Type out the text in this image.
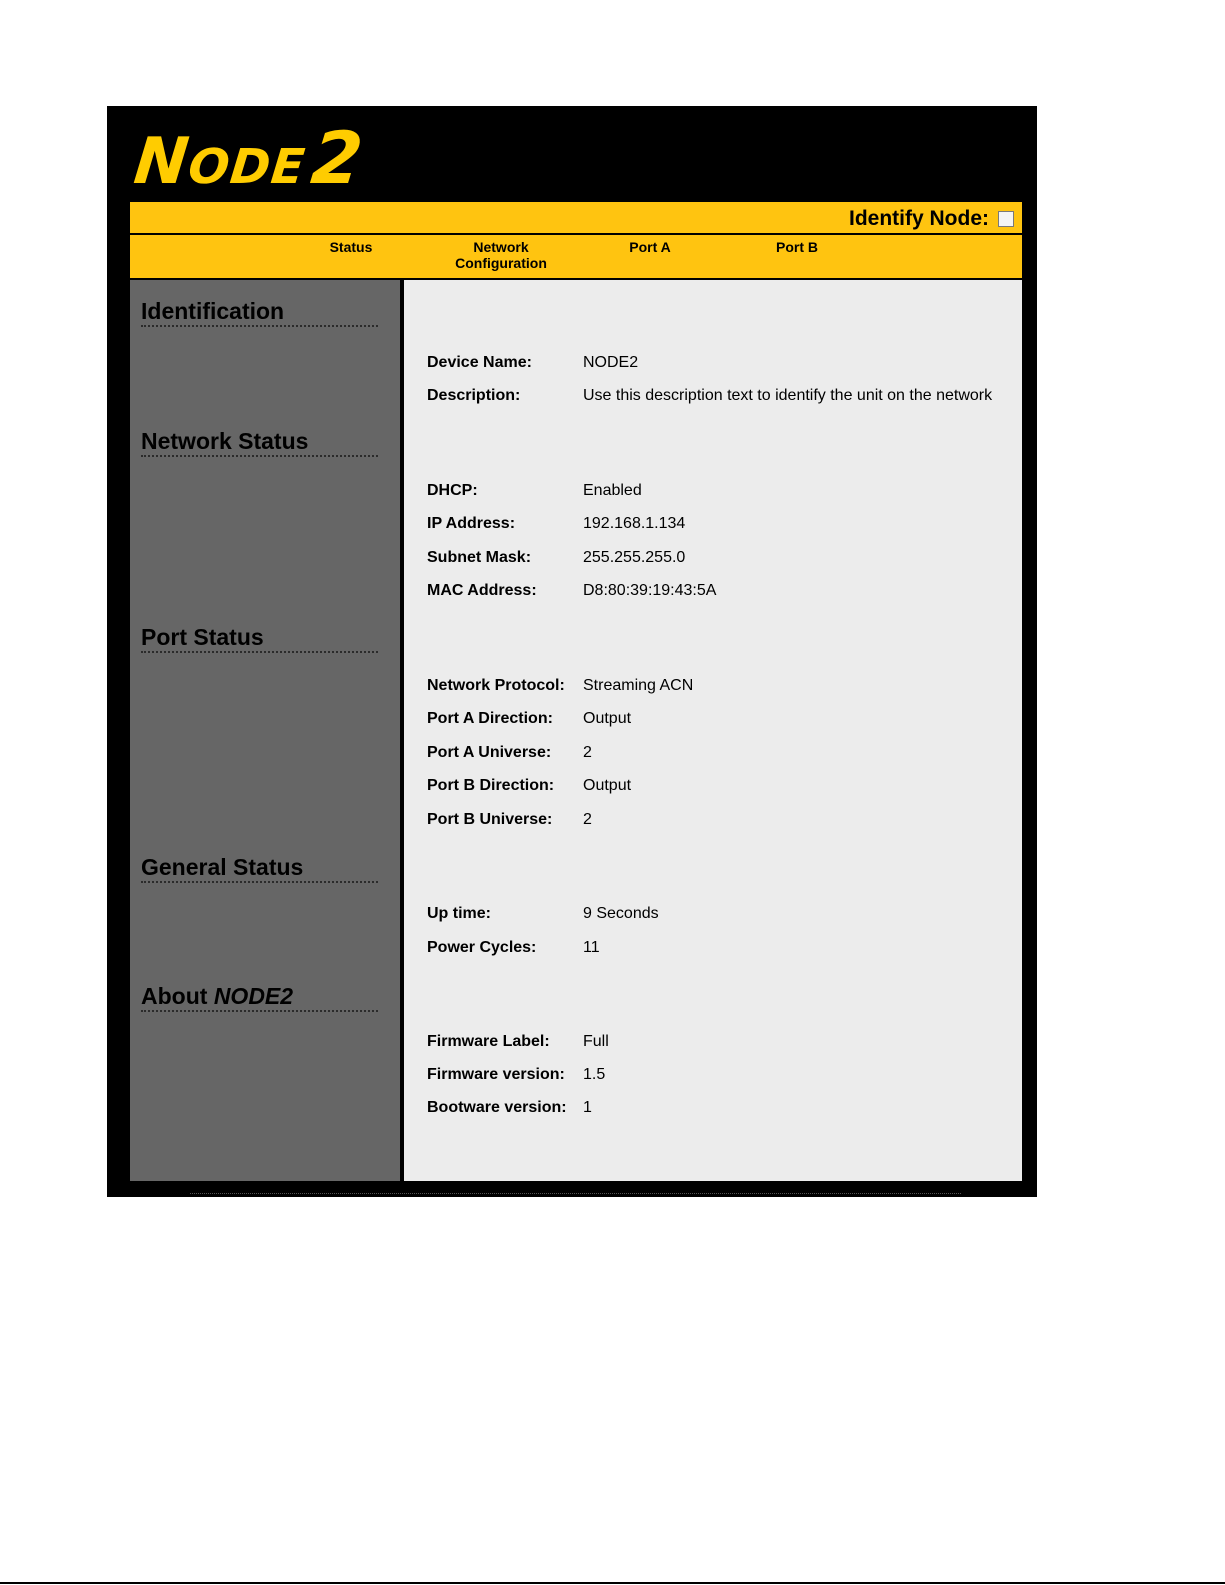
NODE2
Identify Node:
Status	Network
Configuration
Port A	Port B
Identification
Network Status
Port Status
General Status
About NODE2
Device Name:	NODE2
Description:	Use this description text to identify the unit on the network
DHCP:	Enabled
IP Address:	192.168.1.134
Subnet Mask:	255.255.255.0
MAC Address:	D8:80:39:19:43:5A
Network Protocol: Streaming ACN
Port A Direction: Output
Port A Universe: 2
Port B Direction: Output
Port B Universe: 2
Up time:	9 Seconds
Power Cycles:	11
Firmware Label: Full
Firmware version: 1.5
Bootware version: 1
